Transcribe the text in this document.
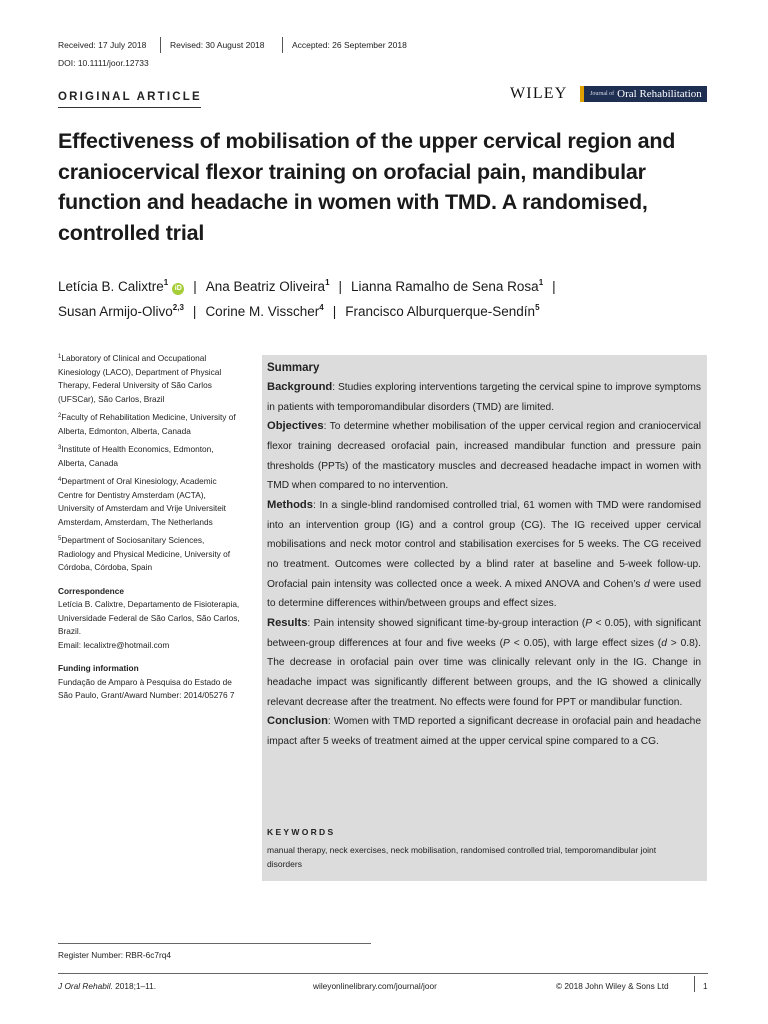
Received: 17 July 2018	Revised: 30 August 2018	Accepted: 26 September 2018
DOI: 10.1111/joor.12733
ORIGINAL ARTICLE	WILEY	Journal of Oral Rehabilitation
Effectiveness of mobilisation of the upper cervical region and craniocervical flexor training on orofacial pain, mandibular function and headache in women with TMD. A randomised, controlled trial
Letícia B. Calixtre$^1$iD | Ana Beatriz Oliveira$^1$ | Lianna Ramalho de Sena Rosa$^1$ |
Susan Armijo-Olivo$^{2,3}$ | Corine M. Visscher$^4$ | Francisco Alburquerque-Sendín$^5$

$^1$Laboratory of Clinical and Occupational Kinesiology (LACO), Department of Physical Therapy, Federal University of São Carlos (UFSCar), São Carlos, Brazil

$^2$Faculty of Rehabilitation Medicine, University of Alberta, Edmonton, Alberta, Canada

$^3$Institute of Health Economics, Edmonton, Alberta, Canada

$^4$Department of Oral Kinesiology, Academic Centre for Dentistry Amsterdam (ACTA), University of Amsterdam and Vrije Universiteit Amsterdam, Amsterdam, The Netherlands

$^5$Department of Sociosanitary Sciences, Radiology and Physical Medicine, University of Córdoba, Córdoba, Spain

Correspondence
Letícia B. Calixtre, Departamento de Fisioterapia, Universidade Federal de São Carlos, São Carlos, Brazil.
Email: lecalixtre@hotmail.com

Funding information
Fundação de Amparo à Pesquisa do Estado de São Paulo, Grant/Award Number: 2014/05276 7

Summary

Background: Studies exploring interventions targeting the cervical spine to improve symptoms in patients with temporomandibular disorders (TMD) are limited.

Objectives: To determine whether mobilisation of the upper cervical region and craniocervical flexor training decreased orofacial pain, increased mandibular function and pressure pain thresholds (PPTs) of the masticatory muscles and decreased headache impact in women with TMD when compared to no intervention.

Methods: In a single-blind randomised controlled trial, 61 women with TMD were randomised into an intervention group (IG) and a control group (CG). The IG received upper cervical mobilisations and neck motor control and stabilisation exercises for 5 weeks. The CG received no treatment. Outcomes were collected by a blind rater at baseline and 5-week follow-up. Orofacial pain intensity was collected once a week. A mixed ANOVA and Cohen’s d were used to determine differences within/between groups and effect sizes.

Results: Pain intensity showed significant time-by-group interaction (P < 0.05), with significant between-group differences at four and five weeks (P < 0.05), with large effect sizes (d > 0.8). The decrease in orofacial pain over time was clinically relevant only in the IG. Change in headache impact was significantly different between groups, and the IG showed a clinically relevant decrease after the treatment. No effects were found for PPT or mandibular function.

Conclusion: Women with TMD reported a significant decrease in orofacial pain and headache impact after 5 weeks of treatment aimed at the upper cervical spine compared to a CG.

KEYWORDS
manual therapy, neck exercises, neck mobilisation, randomised controlled trial, temporomandibular joint disorders
Register Number: RBR-6c7rq4
J Oral Rehabil. 2018;1–11.	wileyonlinelibrary.com/journal/joor	© 2018 John Wiley & Sons Ltd	1
